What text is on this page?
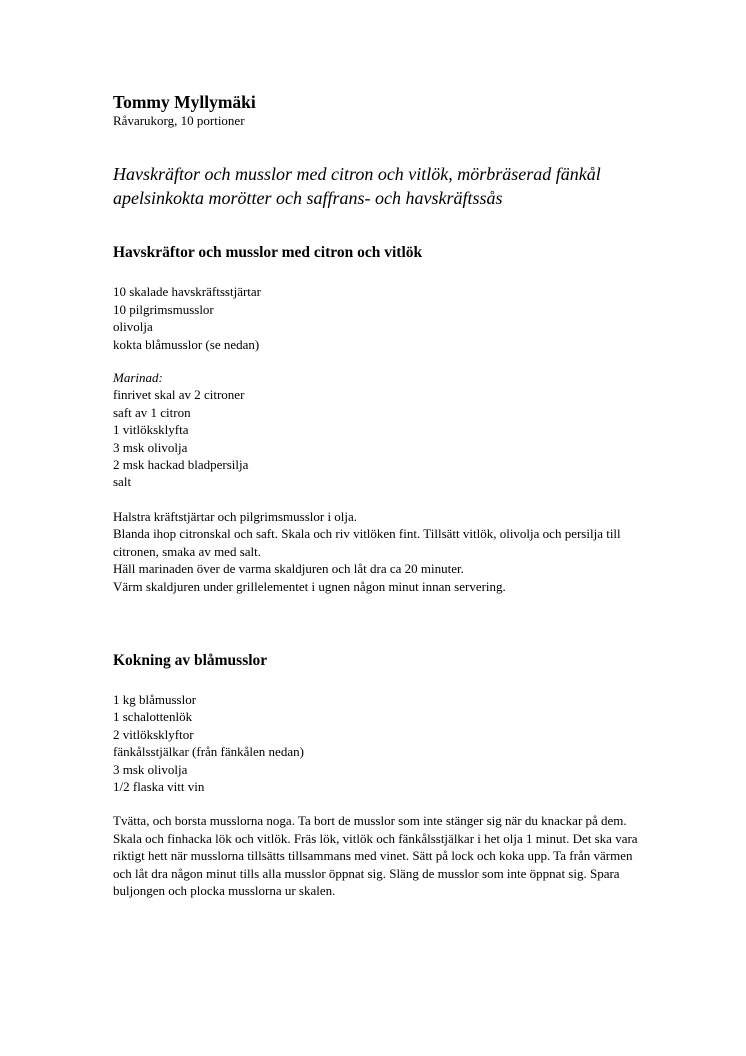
Tommy Myllymäki
Råvarukorg, 10 portioner
Havskräftor och musslor med citron och vitlök, mörbräserad fänkål apelsinkokta morötter och saffrans- och havskräftssås
Havskräftor och musslor med citron och vitlök
10 skalade havskräftsstjärtar
10 pilgrimsmusslor
olivolja
kokta blåmusslor (se nedan)
Marinad:
finrivet skal av 2 citroner
saft av 1 citron
1 vitlöksklyfta
3 msk olivolja
2 msk hackad bladpersilja
salt
Halstra kräftstjärtar och pilgrimsmusslor i olja.
Blanda ihop citronskal och saft. Skala och riv vitlöken fint. Tillsätt vitlök, olivolja och persilja till citronen, smaka av med salt.
Häll marinaden över de varma skaldjuren och låt dra ca 20 minuter.
Värm skaldjuren under grillelementet i ugnen någon minut innan servering.
Kokning av blåmusslor
1 kg blåmusslor
1 schalottenlök
2 vitlöksklyftor
fänkålsstjälkar (från fänkålen nedan)
3 msk olivolja
1/2 flaska vitt vin
Tvätta, och borsta musslorna noga. Ta bort de musslor som inte stänger sig när du knackar på dem.
Skala och finhacka lök och vitlök. Fräs lök, vitlök och fänkålsstjälkar i het olja 1 minut. Det ska vara riktigt hett när musslorna tillsätts tillsammans med vinet. Sätt på lock och koka upp. Ta från värmen och låt dra någon minut tills alla musslor öppnat sig. Släng de musslor som inte öppnat sig. Spara buljongen och plocka musslorna ur skalen.
